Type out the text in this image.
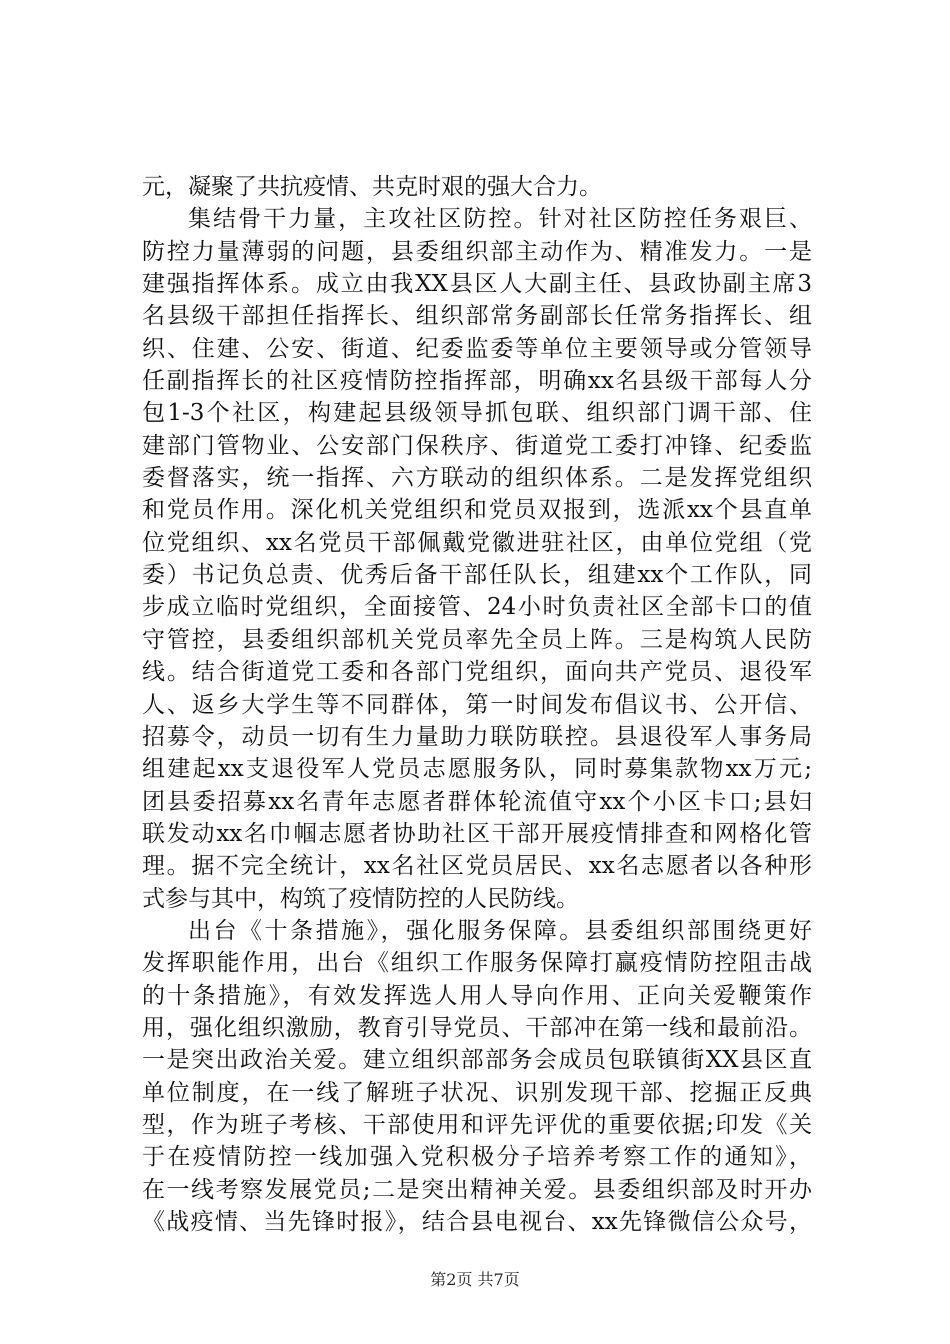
元，凝聚了共抗疫情、共克时艰的强大合力。
集结骨干力量，主攻社区防控。针对社区防控任务艰巨、
防控力量薄弱的问题，县委组织部主动作为、精准发力。一是
建强指挥体系。成立由我XX县区人大副主任、县政协副主席3
名县级干部担任指挥长、组织部常务副部长任常务指挥长、组
织、住建、公安、街道、纪委监委等单位主要领导或分管领导
任副指挥长的社区疫情防控指挥部，明确xx名县级干部每人分
包1-3个社区，构建起县级领导抓包联、组织部门调干部、住
建部门管物业、公安部门保秩序、街道党工委打冲锋、纪委监
委督落实，统一指挥、六方联动的组织体系。二是发挥党组织
和党员作用。深化机关党组织和党员双报到，选派xx个县直单
位党组织、xx名党员干部佩戴党徽进驻社区，由单位党组（党
委）书记负总责、优秀后备干部任队长，组建xx个工作队，同
步成立临时党组织，全面接管、24小时负责社区全部卡口的值
守管控，县委组织部机关党员率先全员上阵。三是构筑人民防
线。结合街道党工委和各部门党组织，面向共产党员、退役军
人、返乡大学生等不同群体，第一时间发布倡议书、公开信、
招募令，动员一切有生力量助力联防联控。县退役军人事务局
组建起xx支退役军人党员志愿服务队，同时募集款物xx万元;
团县委招募xx名青年志愿者群体轮流值守xx个小区卡口;县妇
联发动xx名巾帼志愿者协助社区干部开展疫情排查和网格化管
理。据不完全统计，xx名社区党员居民、xx名志愿者以各种形
式参与其中，构筑了疫情防控的人民防线。
出台《十条措施》，强化服务保障。县委组织部围绕更好
发挥职能作用，出台《组织工作服务保障打赢疫情防控阻击战
的十条措施》，有效发挥选人用人导向作用、正向关爱鞭策作
用，强化组织激励，教育引导党员、干部冲在第一线和最前沿。
一是突出政治关爱。建立组织部部务会成员包联镇街XX县区直
单位制度，在一线了解班子状况、识别发现干部、挖掘正反典
型，作为班子考核、干部使用和评先评优的重要依据;印发《关
于在疫情防控一线加强入党积极分子培养考察工作的通知》，
在一线考察发展党员;二是突出精神关爱。县委组织部及时开办
《战疫情、当先锋时报》，结合县电视台、xx先锋微信公众号，
第2页 共7页
